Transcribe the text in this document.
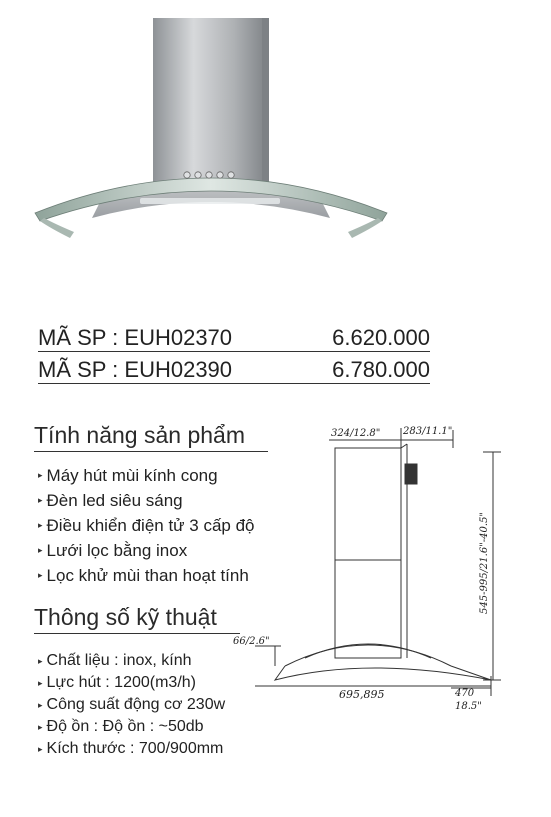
MÃ SP : EUH02370	6.620.000
MÃ SP : EUH02390	6.780.000
Tính năng sản phẩm
▸ Máy hút mùi kính cong
▸ Đèn led siêu sáng
▸ Điều khiển điện tử 3 cấp độ
▸ Lưới lọc bằng inox
▸ Lọc khử mùi than hoạt tính
Thông số kỹ thuật
▸ Chất liệu : inox, kính
▸ Lực hút : 1200(m3/h)
▸ Công suất động cơ 230w
▸ Độ ồn : Độ ồn : ~50db
▸ Kích thước : 700/900mm
324/12.8" 283/11.1"
545-995/21.6"-40.5"
66/2.6"
695,895	470
18.5"
